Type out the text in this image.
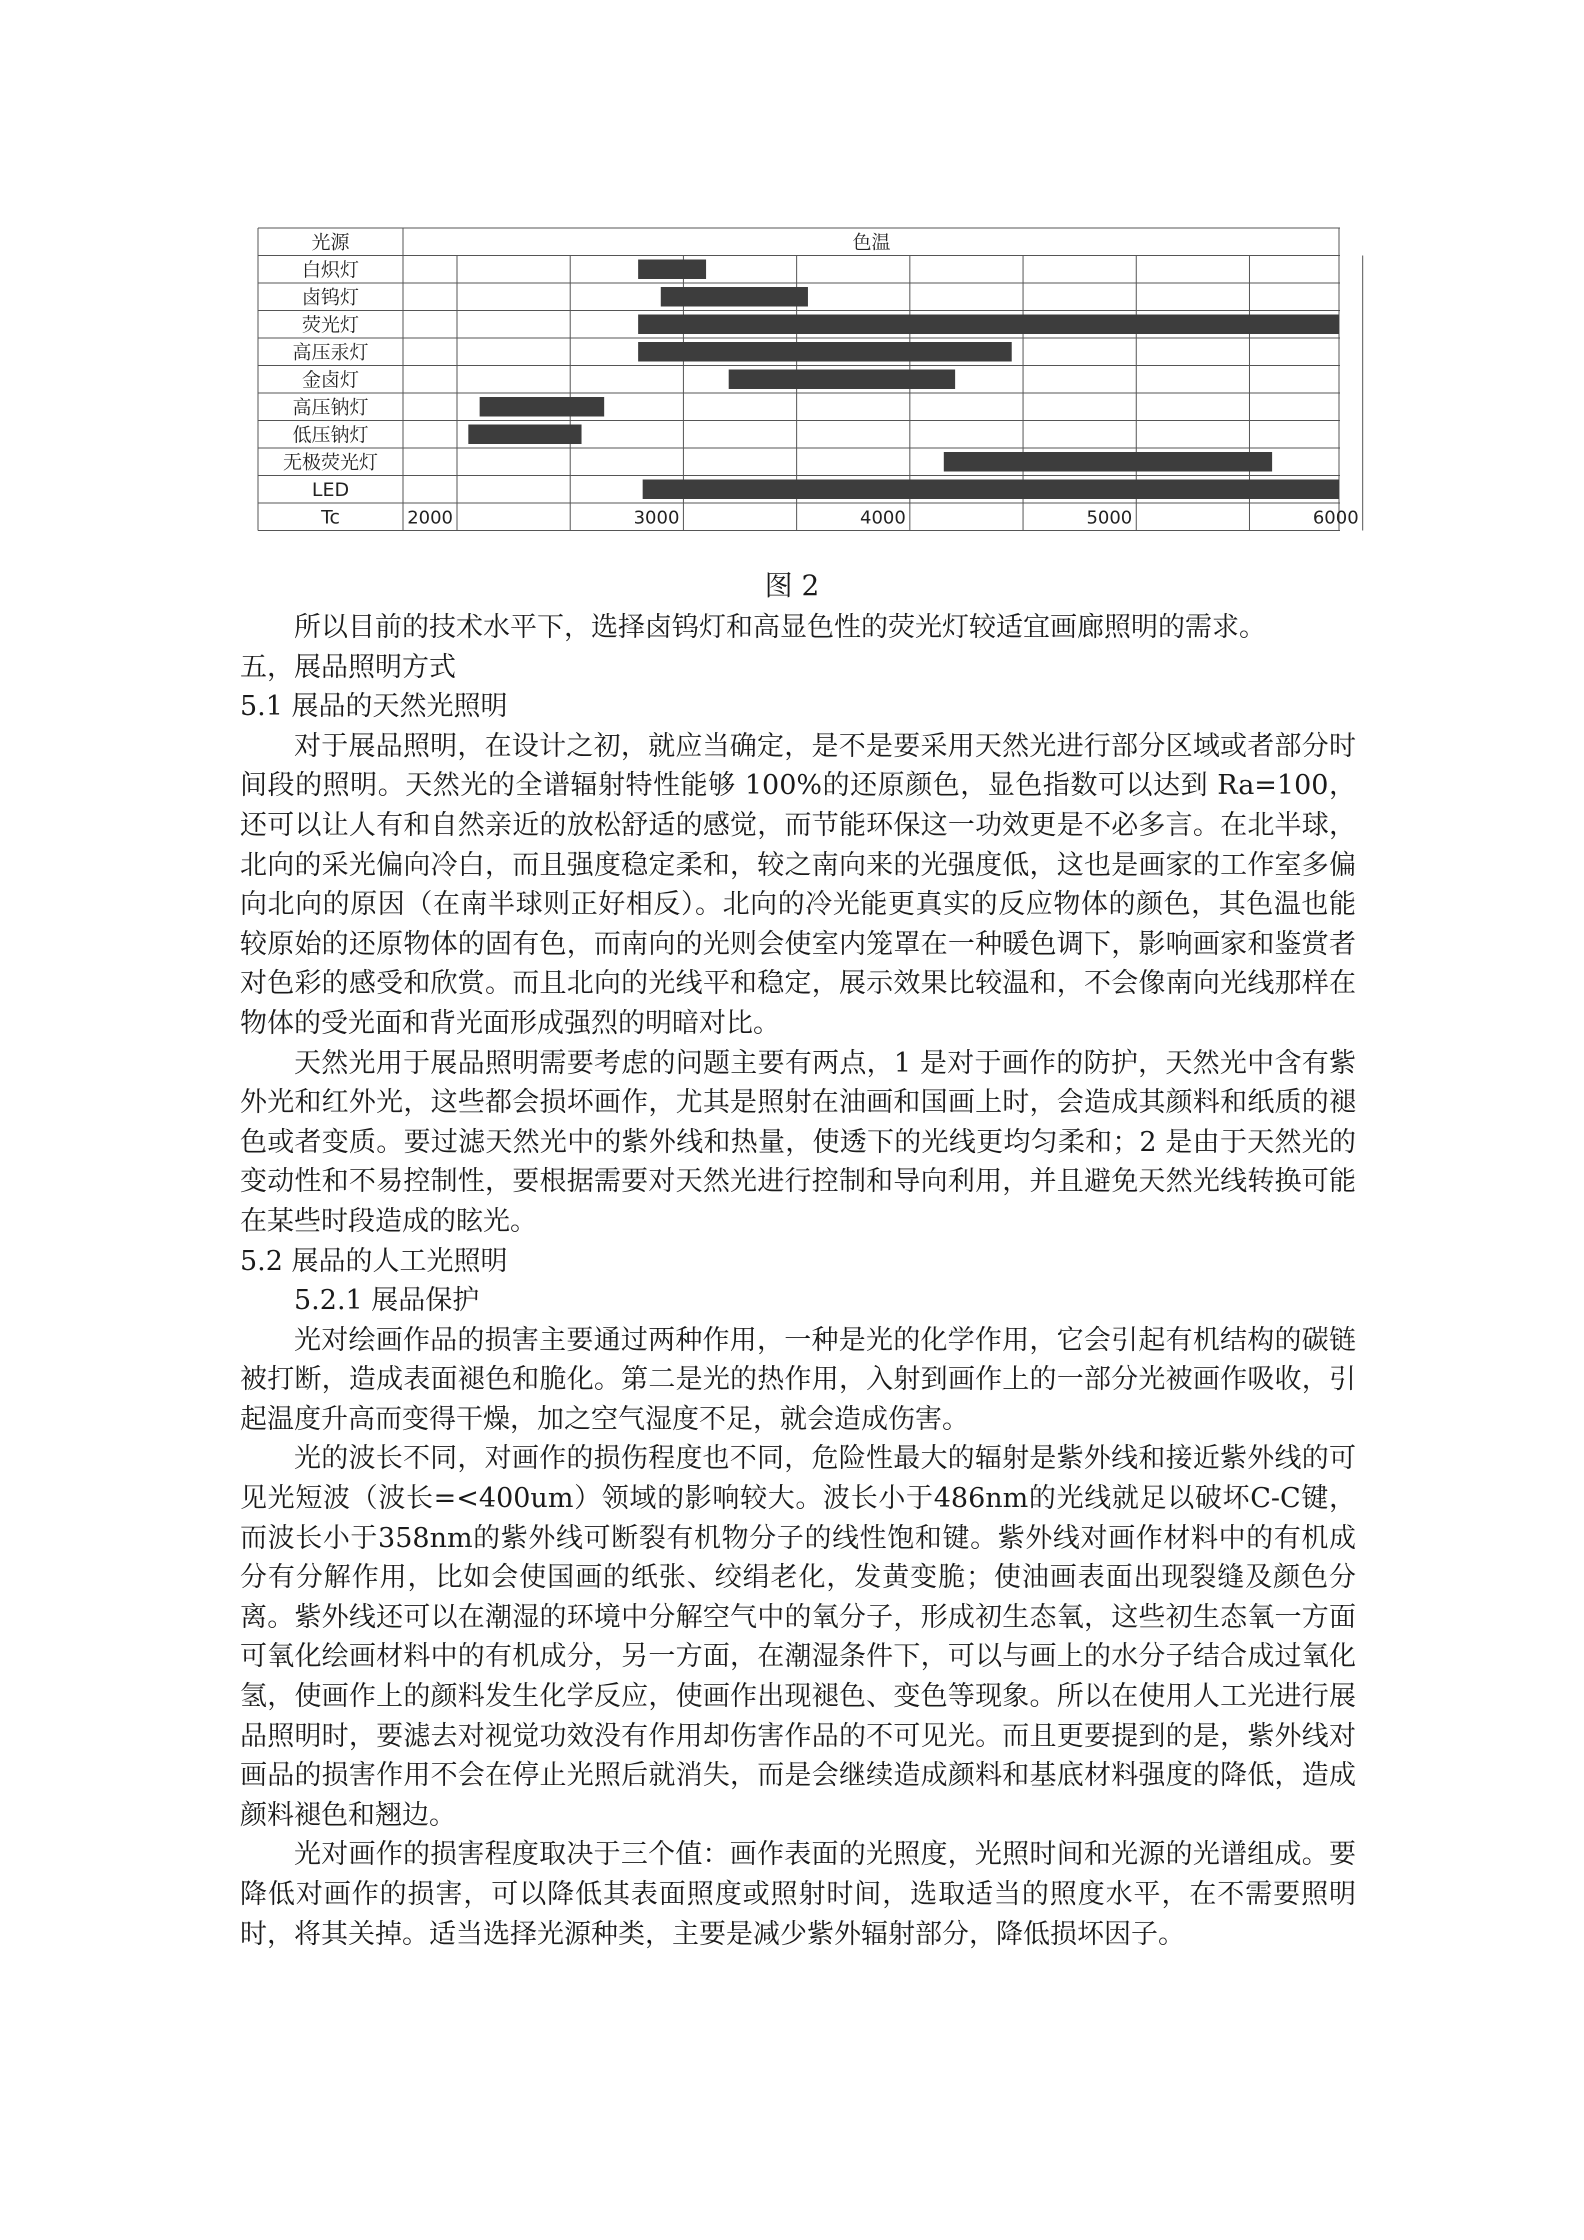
光源	色温
白炽灯
卤钨灯
荧光灯
高压汞灯
金卤灯
高压钠灯
低压钠灯
无极荧光灯
LED
Tc	2000	3000	4000	5000	6000
图 2

所以目前的技术水平下，选择卤钨灯和高显色性的荧光灯较适宜画廊照明的需求。

五，展品照明方式

5.1 展品的天然光照明

对于展品照明，在设计之初，就应当确定，是不是要采用天然光进行部分区域或者部分时间段的照明。天然光的全谱辐射特性能够 100%的还原颜色，显色指数可以达到 Ra=100，还可以让人有和自然亲近的放松舒适的感觉，而节能环保这一功效更是不必多言。在北半球，北向的采光偏向冷白，而且强度稳定柔和，较之南向来的光强度低，这也是画家的工作室多偏向北向的原因（在南半球则正好相反）。北向的冷光能更真实的反应物体的颜色，其色温也能较原始的还原物体的固有色，而南向的光则会使室内笼罩在一种暖色调下，影响画家和鉴赏者对色彩的感受和欣赏。而且北向的光线平和稳定，展示效果比较温和，不会像南向光线那样在物体的受光面和背光面形成强烈的明暗对比。

天然光用于展品照明需要考虑的问题主要有两点，1 是对于画作的防护，天然光中含有紫外光和红外光，这些都会损坏画作，尤其是照射在油画和国画上时，会造成其颜料和纸质的褪色或者变质。要过滤天然光中的紫外线和热量，使透下的光线更均匀柔和；2 是由于天然光的变动性和不易控制性，要根据需要对天然光进行控制和导向利用，并且避免天然光线转换可能在某些时段造成的眩光。

5.2 展品的人工光照明

5.2.1 展品保护

光对绘画作品的损害主要通过两种作用，一种是光的化学作用，它会引起有机结构的碳链被打断，造成表面褪色和脆化。第二是光的热作用，入射到画作上的一部分光被画作吸收，引起温度升高而变得干燥，加之空气湿度不足，就会造成伤害。

光的波长不同，对画作的损伤程度也不同，危险性最大的辐射是紫外线和接近紫外线的可见光短波（波长=<400um）领域的影响较大。波长小于486nm的光线就足以破坏C-C键，而波长小于358nm的紫外线可断裂有机物分子的线性饱和键。紫外线对画作材料中的有机成分有分解作用，比如会使国画的纸张、绞绢老化，发黄变脆；使油画表面出现裂缝及颜色分离。紫外线还可以在潮湿的环境中分解空气中的氧分子，形成初生态氧，这些初生态氧一方面可氧化绘画材料中的有机成分，另一方面，在潮湿条件下，可以与画上的水分子结合成过氧化氢，使画作上的颜料发生化学反应，使画作出现褪色、变色等现象。所以在使用人工光进行展品照明时，要滤去对视觉功效没有作用却伤害作品的不可见光。而且更要提到的是，紫外线对画品的损害作用不会在停止光照后就消失，而是会继续造成颜料和基底材料强度的降低，造成颜料褪色和翘边。

光对画作的损害程度取决于三个值：画作表面的光照度，光照时间和光源的光谱组成。要降低对画作的损害，可以降低其表面照度或照射时间，选取适当的照度水平，在不需要照明时，将其关掉。适当选择光源种类，主要是减少紫外辐射部分，降低损坏因子。
